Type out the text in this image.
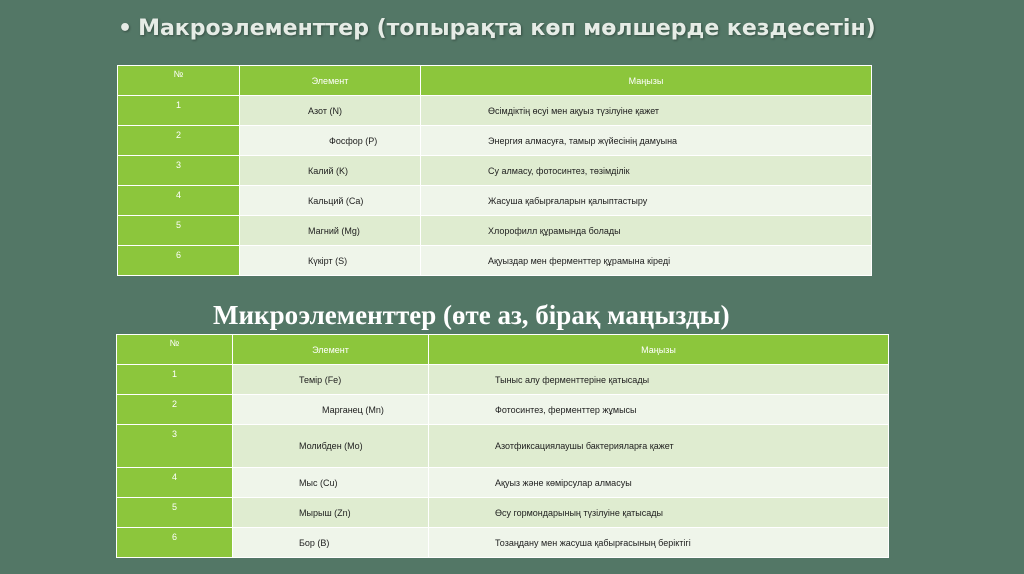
• Макроэлементтер (топырақта көп мөлшерде кездесетін)
№	Элемент	Маңызы
1	Азот (N)	Өсімдіктің өсуі мен ақуыз түзілуіне қажет
2	Фосфор (P)	Энергия алмасуға, тамыр жүйесінің дамуына
3	Калий (K)	Су алмасу, фотосинтез, төзімділік
4	Кальций (Ca)	Жасуша қабырғаларын қалыптастыру
5	Магний (Mg)	Хлорофилл құрамында болады
6	Күкірт (S)	Ақуыздар мен ферменттер құрамына кіреді
Микроэлементтер (өте аз, бірақ маңызды)
№	Элемент	Маңызы
1	Темір (Fe)	Тыныс алу ферменттеріне қатысады
2	Марганец (Mn)	Фотосинтез, ферменттер жұмысы
3	Молибден (Mo)	Азотфиксациялаушы бактерияларға қажет
4	Мыс (Cu)	Ақуыз және көмірсулар алмасуы
5	Мырыш (Zn)	Өсу гормондарының түзілуіне қатысады
6	Бор (B)	Тозаңдану мен жасуша қабырғасының беріктігі
